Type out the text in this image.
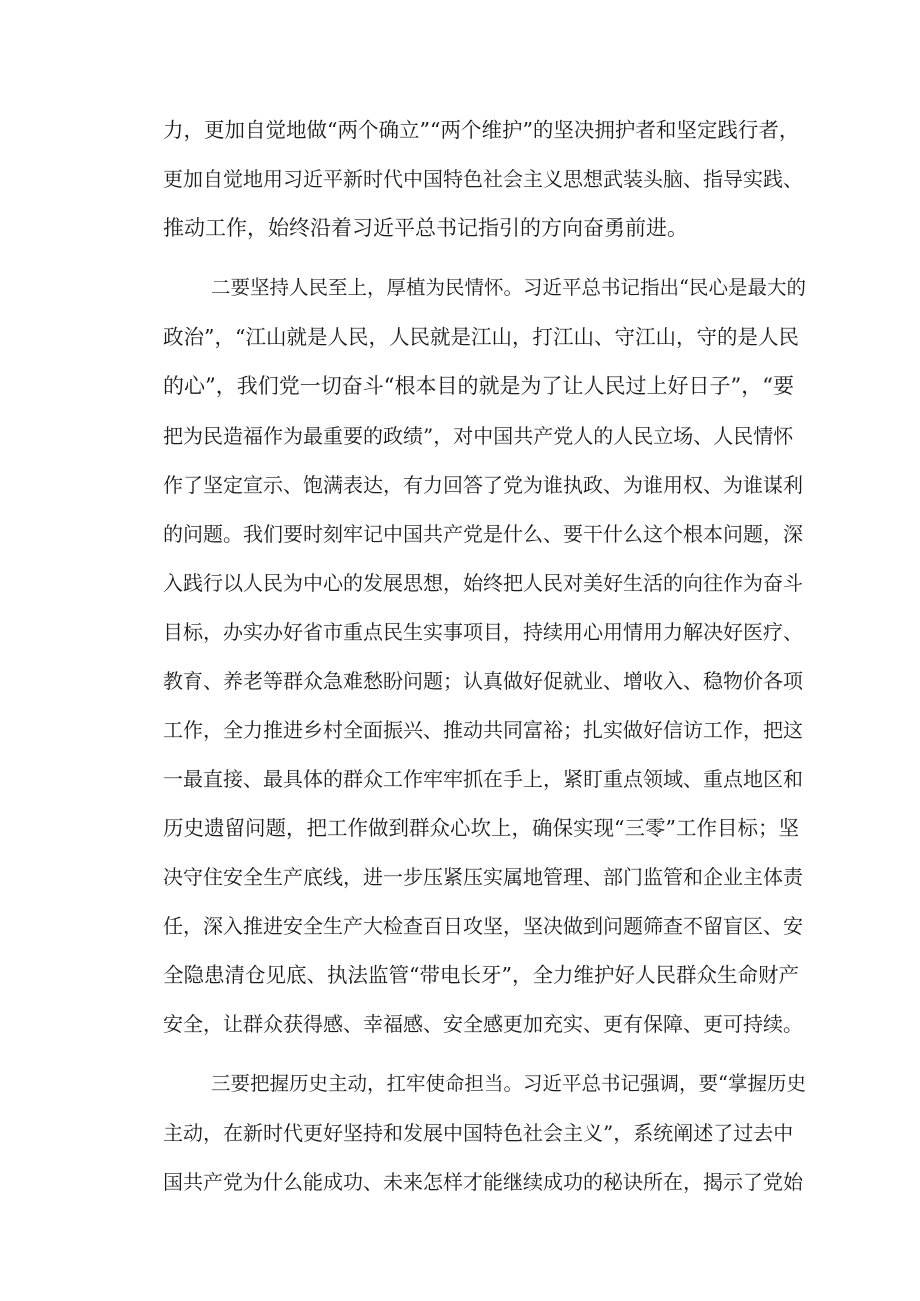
力，更加自觉地做“两个确立”“两个维护”的坚决拥护者和坚定践行者，
更加自觉地用习近平新时代中国特色社会主义思想武装头脑、指导实践、
推动工作，始终沿着习近平总书记指引的方向奋勇前进。
二要坚持人民至上，厚植为民情怀。习近平总书记指出“民心是最大的
政治”，“江山就是人民，人民就是江山，打江山、守江山，守的是人民
的心”，我们党一切奋斗“根本目的就是为了让人民过上好日子”，“要
把为民造福作为最重要的政绩”，对中国共产党人的人民立场、人民情怀
作了坚定宣示、饱满表达，有力回答了党为谁执政、为谁用权、为谁谋利
的问题。我们要时刻牢记中国共产党是什么、要干什么这个根本问题，深
入践行以人民为中心的发展思想，始终把人民对美好生活的向往作为奋斗
目标，办实办好省市重点民生实事项目，持续用心用情用力解决好医疗、
教育、养老等群众急难愁盼问题；认真做好促就业、增收入、稳物价各项
工作，全力推进乡村全面振兴、推动共同富裕；扎实做好信访工作，把这
一最直接、最具体的群众工作牢牢抓在手上，紧盯重点领域、重点地区和
历史遗留问题，把工作做到群众心坎上，确保实现“三零”工作目标；坚
决守住安全生产底线，进一步压紧压实属地管理、部门监管和企业主体责
任，深入推进安全生产大检查百日攻坚，坚决做到问题筛查不留盲区、安
全隐患清仓见底、执法监管“带电长牙”，全力维护好人民群众生命财产
安全，让群众获得感、幸福感、安全感更加充实、更有保障、更可持续。
三要把握历史主动，扛牢使命担当。习近平总书记强调，要“掌握历史
主动，在新时代更好坚持和发展中国特色社会主义”，系统阐述了过去中
国共产党为什么能成功、未来怎样才能继续成功的秘诀所在，揭示了党始
